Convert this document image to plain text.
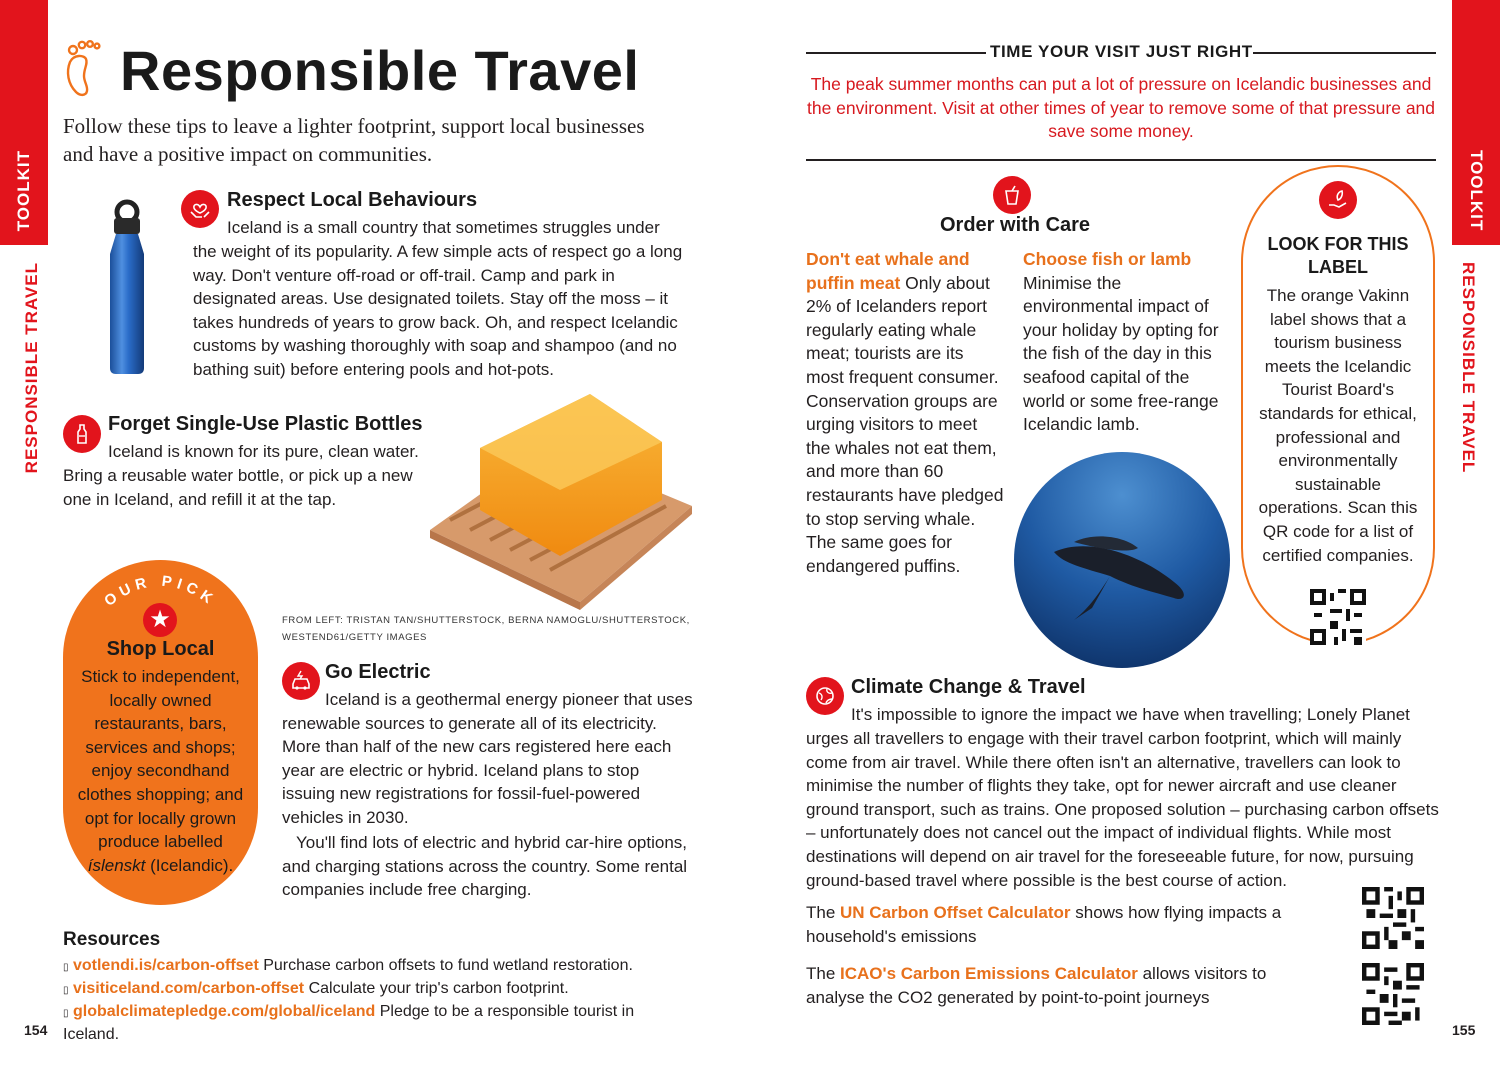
TOOLKIT
RESPONSIBLE TRAVEL
TOOLKIT
RESPONSIBLE TRAVEL
Responsible Travel
Follow these tips to leave a lighter footprint, support local businesses and have a positive impact on communities.
Respect Local Behaviours
Iceland is a small country that sometimes struggles under
the weight of its popularity. A few simple acts of respect go a long way. Don't venture off-road or off-trail. Camp and park in designated areas. Use designated toilets. Stay off the moss – it takes hundreds of years to grow back. Oh, and respect Icelandic customs by washing thoroughly with soap and shampoo (and no bathing suit) before entering pools and hot-pots.
Forget Single-Use Plastic Bottles
Iceland is known for its pure, clean water.
Bring a reusable water bottle, or pick up a new one in Iceland, and refill it at the tap.
OUR PICK
★
Shop Local
Stick to independent, locally owned restaurants, bars, services and shops; enjoy secondhand clothes shopping; and opt for locally grown produce labelled íslenskt (Icelandic).
FROM LEFT: TRISTAN TAN/SHUTTERSTOCK, BERNA NAMOGLU/SHUTTERSTOCK, WESTEND61/GETTY IMAGES
Go Electric
Iceland is a geothermal energy pioneer that uses renewable sources to generate all of its electricity. More than half of the new cars registered here each year are electric or hybrid. Iceland plans to stop issuing new registrations for fossil-fuel-powered vehicles in 2030.
You'll find lots of electric and hybrid car-hire options, and charging stations across the country. Some rental companies include free charging.
Resources
▯ votlendi.is/carbon-offset Purchase carbon offsets to fund wetland restoration.
▯ visiticeland.com/carbon-offset Calculate your trip's carbon footprint.
▯ globalclimatepledge.com/global/iceland Pledge to be a responsible tourist in Iceland.
154
TIME YOUR VISIT JUST RIGHT
The peak summer months can put a lot of pressure on Icelandic businesses and the environment. Visit at other times of year to remove some of that pressure and save some money.
Order with Care
Don't eat whale and puffin meat Only about 2% of Icelanders report regularly eating whale meat; tourists are its most frequent consumer. Conservation groups are urging visitors to meet the whales not eat them, and more than 60 restaurants have pledged to stop serving whale. The same goes for endangered puffins.
Choose fish or lamb
Minimise the environmental impact of your holiday by opting for the fish of the day in this seafood capital of the world or some free-range Icelandic lamb.
LOOK FOR THIS LABEL
The orange Vakinn label shows that a tourism business meets the Icelandic Tourist Board's standards for ethical, professional and environmentally sustainable operations. Scan this QR code for a list of certified companies.
Climate Change & Travel
It's impossible to ignore the impact we have when travelling; Lonely Planet
urges all travellers to engage with their travel carbon footprint, which will mainly come from air travel. While there often isn't an alternative, travellers can look to minimise the number of flights they take, opt for newer aircraft and use cleaner ground transport, such as trains. One proposed solution – purchasing carbon offsets – unfortunately does not cancel out the impact of individual flights. While most destinations will depend on air travel for the foreseeable future, for now, pursuing ground-based travel where possible is the best course of action.
The UN Carbon Offset Calculator shows how flying impacts a household's emissions
The ICAO's Carbon Emissions Calculator allows visitors to analyse the CO2 generated by point-to-point journeys
155
